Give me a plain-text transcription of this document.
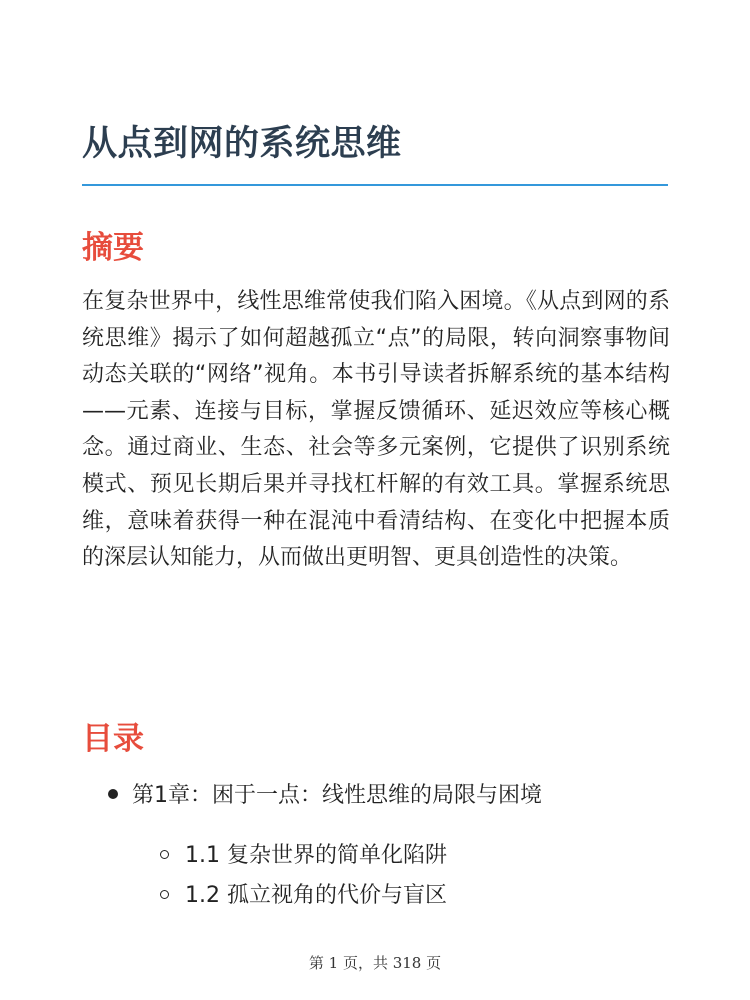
从点到网的系统思维
摘要

在复杂世界中，线性思维常使我们陷入困境。《从点到网的系统思维》揭示了如何超越孤立“点”的局限，转向洞察事物间动态关联的“网络”视角。本书引导读者拆解系统的基本结构——元素、连接与目标，掌握反馈循环、延迟效应等核心概念。通过商业、生态、社会等多元案例，它提供了识别系统模式、预见长期后果并寻找杠杆解的有效工具。掌握系统思维，意味着获得一种在混沌中看清结构、在变化中把握本质的深层认知能力，从而做出更明智、更具创造性的决策。

目录
第1章：困于一点：线性思维的局限与困境
1.1 复杂世界的简单化陷阱
1.2 孤立视角的代价与盲区
第 1 页，共 318 页
